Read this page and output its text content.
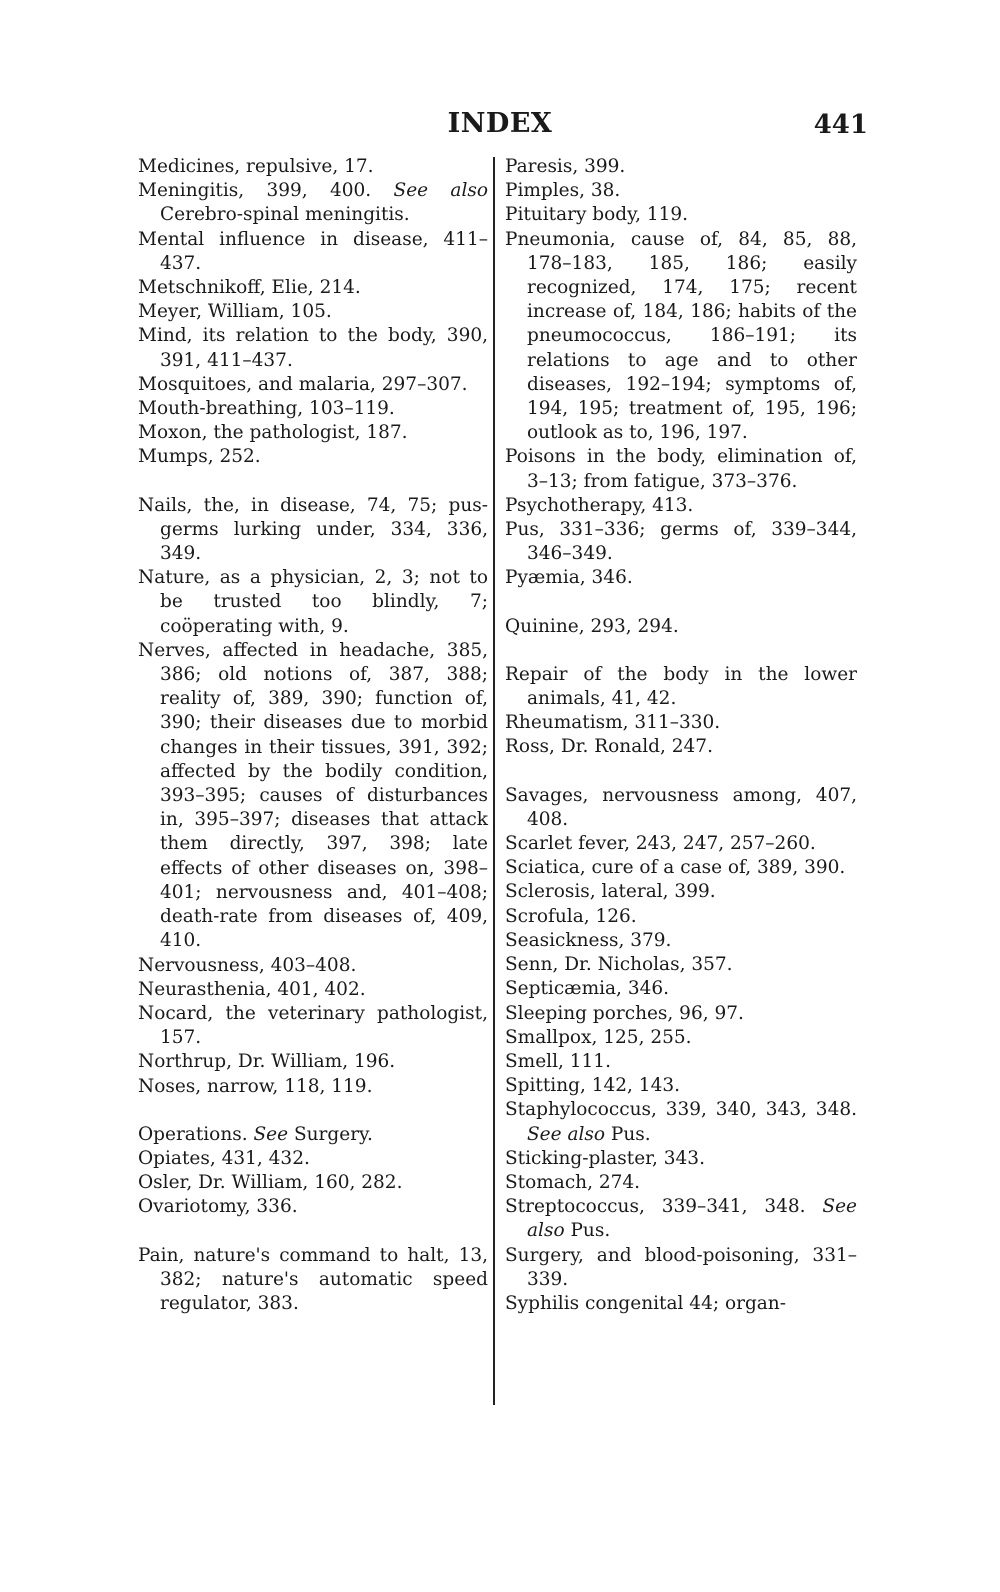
INDEX	441
Medicines, repulsive, 17.
Meningitis, 399, 400. See also Cerebro-spinal meningitis.
Mental influence in disease, 411–437.
Metschnikoff, Elie, 214.
Meyer, William, 105.
Mind, its relation to the body, 390, 391, 411–437.
Mosquitoes, and malaria, 297–307.
Mouth-breathing, 103–119.
Moxon, the pathologist, 187.
Mumps, 252.
Nails, the, in disease, 74, 75; pus-germs lurking under, 334, 336, 349.
Nature, as a physician, 2, 3; not to be trusted too blindly, 7; coöperating with, 9.
Nerves, affected in headache, 385, 386; old notions of, 387, 388; reality of, 389, 390; function of, 390; their diseases due to morbid changes in their tissues, 391, 392; affected by the bodily condition, 393–395; causes of disturbances in, 395–397; diseases that attack them directly, 397, 398; late effects of other diseases on, 398–401; nervousness and, 401–408; death-rate from diseases of, 409, 410.
Nervousness, 403–408.
Neurasthenia, 401, 402.
Nocard, the veterinary pathologist, 157.
Northrup, Dr. William, 196.
Noses, narrow, 118, 119.
Operations. See Surgery.
Opiates, 431, 432.
Osler, Dr. William, 160, 282.
Ovariotomy, 336.
Pain, nature's command to halt, 13, 382; nature's automatic speed regulator, 383.
Paresis, 399.
Pimples, 38.
Pituitary body, 119.
Pneumonia, cause of, 84, 85, 88, 178–183, 185, 186; easily recognized, 174, 175; recent increase of, 184, 186; habits of the pneumococcus, 186–191; its relations to age and to other diseases, 192–194; symptoms of, 194, 195; treatment of, 195, 196; outlook as to, 196, 197.
Poisons in the body, elimination of, 3–13; from fatigue, 373–376.
Psychotherapy, 413.
Pus, 331–336; germs of, 339–344, 346–349.
Pyæmia, 346.
Quinine, 293, 294.
Repair of the body in the lower animals, 41, 42.
Rheumatism, 311–330.
Ross, Dr. Ronald, 247.
Savages, nervousness among, 407, 408.
Scarlet fever, 243, 247, 257–260.
Sciatica, cure of a case of, 389, 390.
Sclerosis, lateral, 399.
Scrofula, 126.
Seasickness, 379.
Senn, Dr. Nicholas, 357.
Septicæmia, 346.
Sleeping porches, 96, 97.
Smallpox, 125, 255.
Smell, 111.
Spitting, 142, 143.
Staphylococcus, 339, 340, 343, 348. See also Pus.
Sticking-plaster, 343.
Stomach, 274.
Streptococcus, 339–341, 348. See also Pus.
Surgery, and blood-poisoning, 331–339.
Syphilis congenital 44; organ-
